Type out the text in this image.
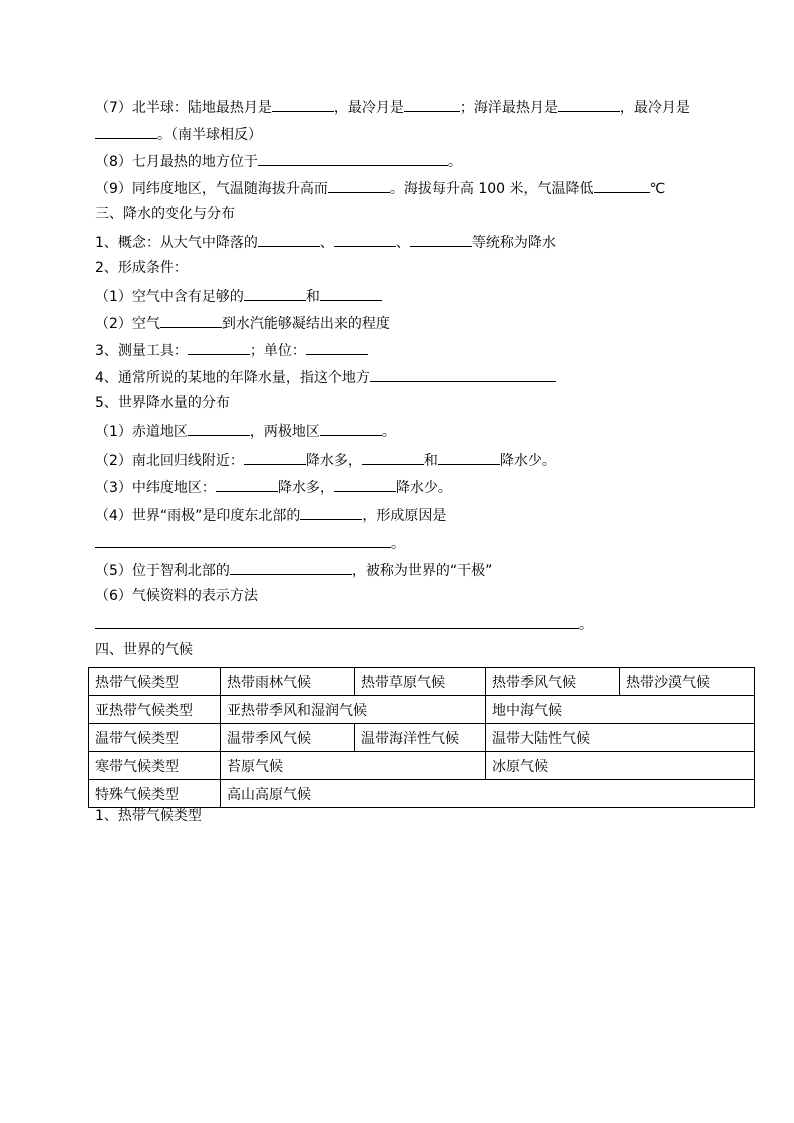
（7）北半球：陆地最热月是	，最冷月是	；海洋最热月是	，最冷月是
。（南半球相反）
（8）七月最热的地方位于	。
（9）同纬度地区，气温随海拔升高而	。海拔每升高 100 米，气温降低	℃
三、降水的变化与分布
1、概念：从大气中降落的	、	、	等统称为降水
2、形成条件：
（1）空气中含有足够的	和
（2）空气	到水汽能够凝结出来的程度
3、测量工具：	；单位：
4、通常所说的某地的年降水量，指这个地方
5、世界降水量的分布
（1）赤道地区	，两极地区	。
（2）南北回归线附近：	降水多，	和	降水少。
（3）中纬度地区：	降水多，	降水少。
（4）世界“雨极”是印度东北部的	，形成原因是
。
（5）位于智利北部的	，被称为世界的“干极”
（6）气候资料的表示方法
。
四、世界的气候
热带气候类型	热带雨林气候	热带草原气候	热带季风气候	热带沙漠气候
亚热带气候类型	亚热带季风和湿润气候		地中海气候	
温带气候类型	温带季风气候	温带海洋性气候	温带大陆性气候	
寒带气候类型	苔原气候		冰原气候	
特殊气候类型	高山高原气候			
1、热带气候类型
